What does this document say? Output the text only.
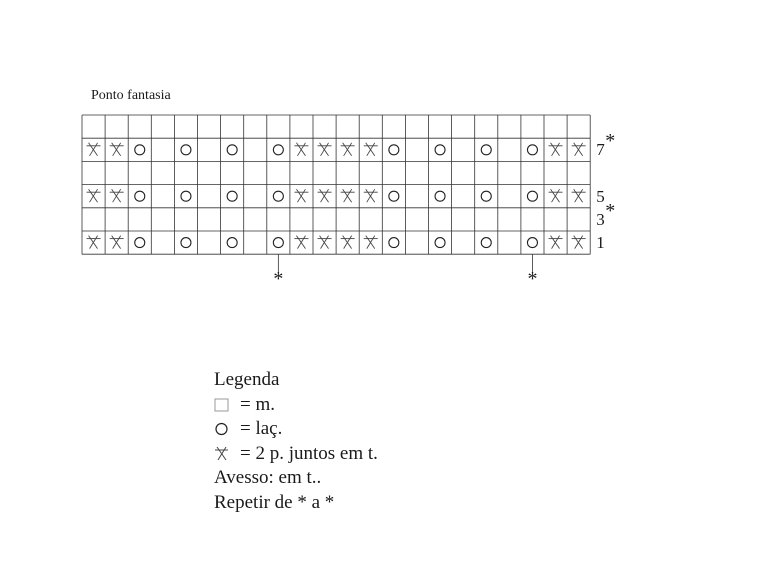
Ponto fantasia
7 *
5
3 *
1
*	*
Legenda
= m.
= laç.
= 2 p. juntos em t.
Avesso: em t..
Repetir de * a *
